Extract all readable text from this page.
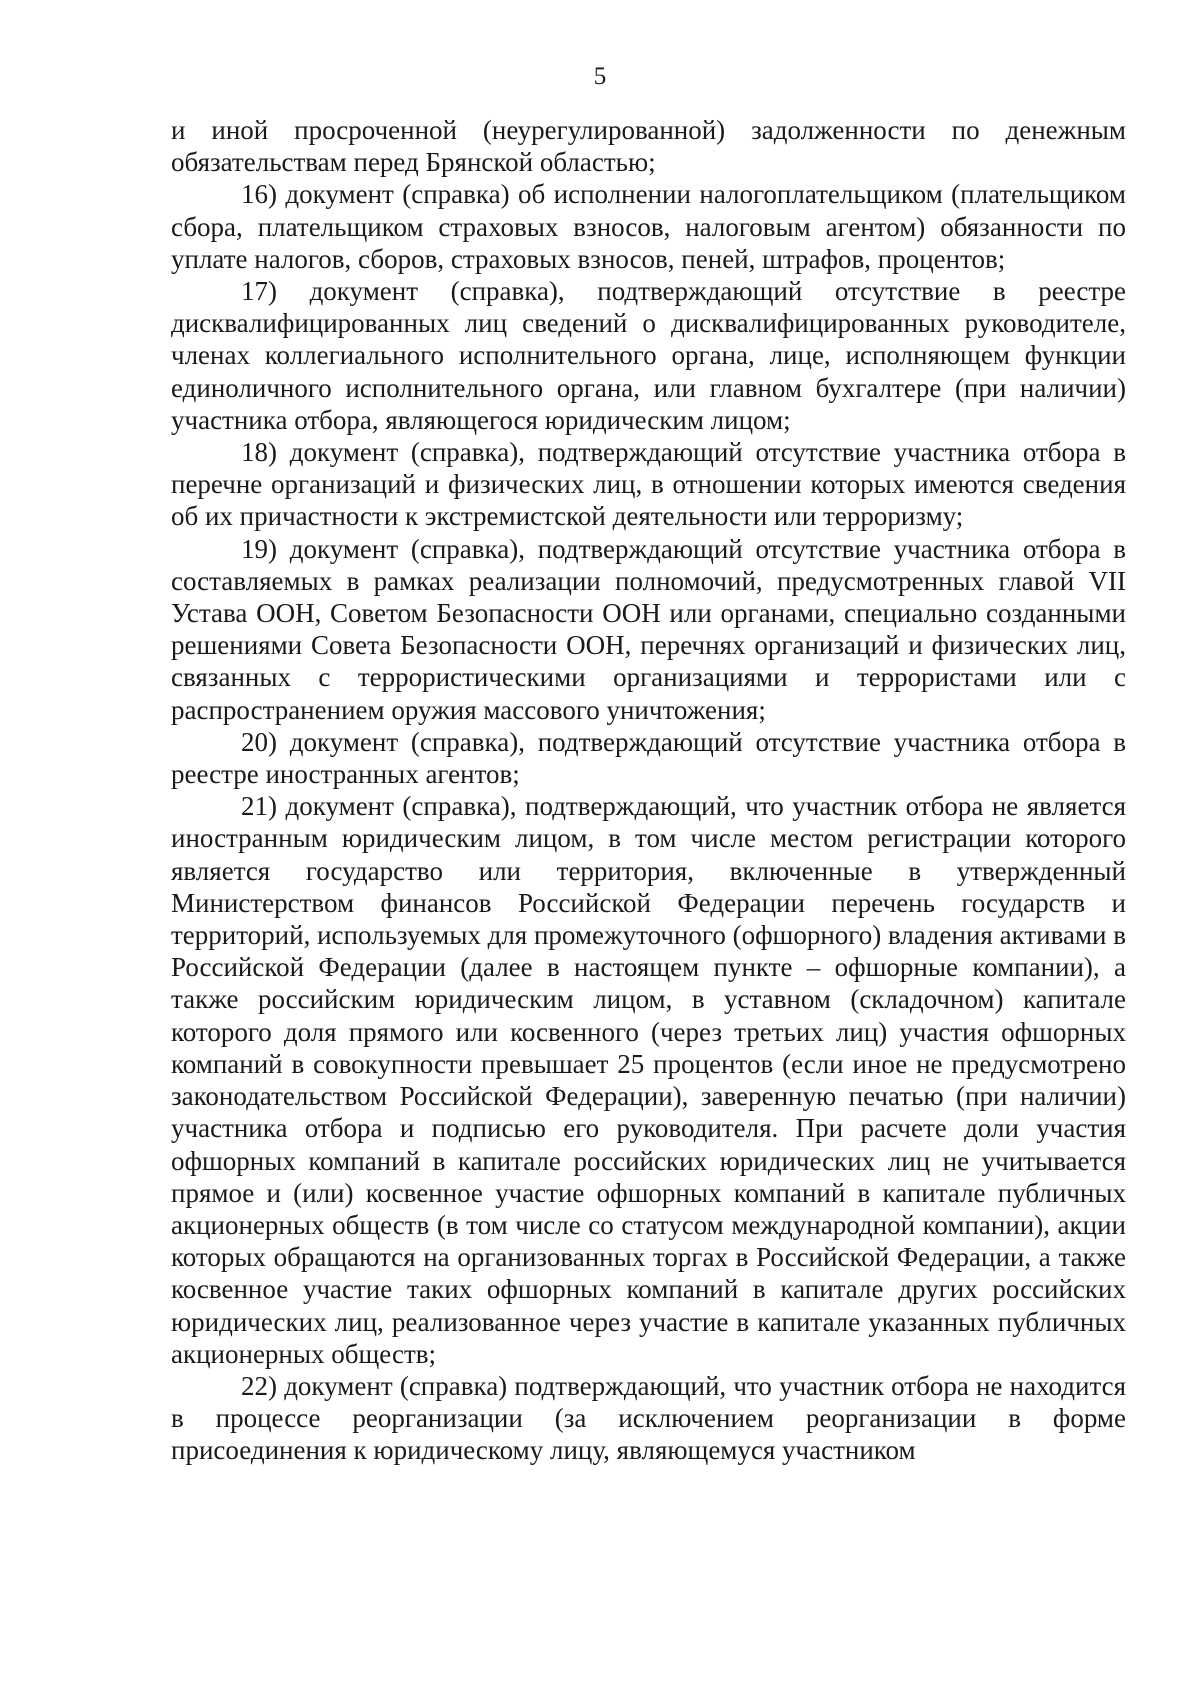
5

и иной просроченной (неурегулированной) задолженности по денежным обязательствам перед Брянской областью;

16) документ (справка) об исполнении налогоплательщиком (плательщиком сбора, плательщиком страховых взносов, налоговым агентом) обязанности по уплате налогов, сборов, страховых взносов, пеней, штрафов, процентов;

17) документ (справка), подтверждающий отсутствие в реестре дисквалифицированных лиц сведений о дисквалифицированных руководителе, членах коллегиального исполнительного органа, лице, исполняющем функции единоличного исполнительного органа, или главном бухгалтере (при наличии) участника отбора, являющегося юридическим лицом;

18) документ (справка), подтверждающий отсутствие участника отбора в перечне организаций и физических лиц, в отношении которых имеются сведения об их причастности к экстремистской деятельности или терроризму;

19) документ (справка), подтверждающий отсутствие участника отбора в составляемых в рамках реализации полномочий, предусмотренных главой VII Устава ООН, Советом Безопасности ООН или органами, специально созданными решениями Совета Безопасности ООН, перечнях организаций и физических лиц, связанных с террористическими организациями и террористами или с распространением оружия массового уничтожения;

20) документ (справка), подтверждающий отсутствие участника отбора в реестре иностранных агентов;

21) документ (справка), подтверждающий, что участник отбора не является иностранным юридическим лицом, в том числе местом регистрации которого является государство или территория, включенные в утвержденный Министерством финансов Российской Федерации перечень государств и территорий, используемых для промежуточного (офшорного) владения активами в Российской Федерации (далее в настоящем пункте – офшорные компании), а также российским юридическим лицом, в уставном (складочном) капитале которого доля прямого или косвенного (через третьих лиц) участия офшорных компаний в совокупности превышает 25 процентов (если иное не предусмотрено законодательством Российской Федерации), заверенную печатью (при наличии) участника отбора и подписью его руководителя. При расчете доли участия офшорных компаний в капитале российских юридических лиц не учитывается прямое и (или) косвенное участие офшорных компаний в капитале публичных акционерных обществ (в том числе со статусом международной компании), акции которых обращаются на организованных торгах в Российской Федерации, а также косвенное участие таких офшорных компаний в капитале других российских юридических лиц, реализованное через участие в капитале указанных публичных акционерных обществ;

22) документ (справка) подтверждающий, что участник отбора не находится в процессе реорганизации (за исключением реорганизации в форме присоединения к юридическому лицу, являющемуся участником
